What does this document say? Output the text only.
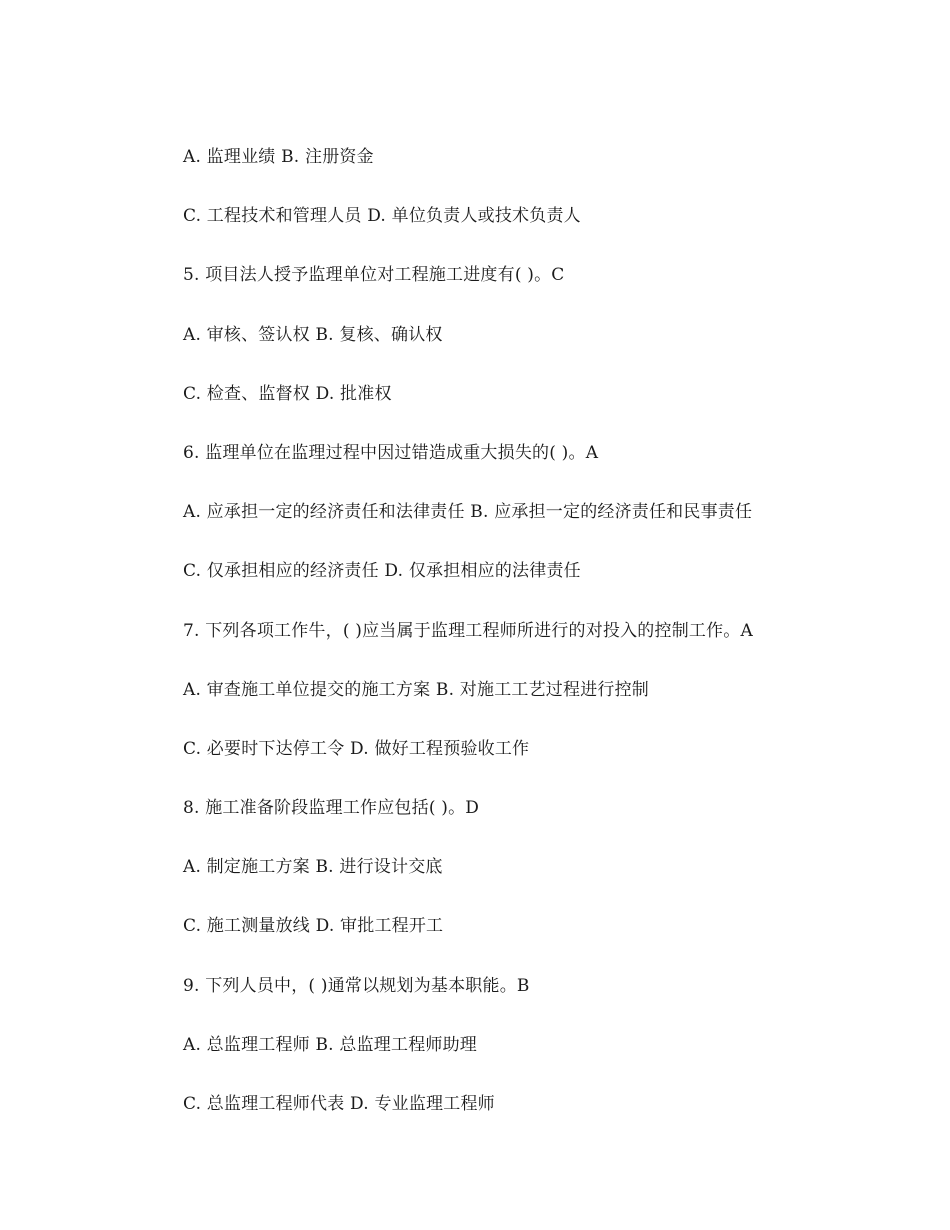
A. 监理业绩 B. 注册资金
C. 工程技术和管理人员 D. 单位负责人或技术负责人
5. 项目法人授予监理单位对工程施工进度有( )。C
A. 审核、签认权 B. 复核、确认权
C. 检查、监督权 D. 批准权
6. 监理单位在监理过程中因过错造成重大损失的( )。A
A. 应承担一定的经济责任和法律责任 B. 应承担一定的经济责任和民事责任
C. 仅承担相应的经济责任 D. 仅承担相应的法律责任
7. 下列各项工作牛，( )应当属于监理工程师所进行的对投入的控制工作。A
A. 审查施工单位提交的施工方案 B. 对施工工艺过程进行控制
C. 必要时下达停工令 D. 做好工程预验收工作
8. 施工准备阶段监理工作应包括( )。D
A. 制定施工方案 B. 进行设计交底
C. 施工测量放线 D. 审批工程开工
9. 下列人员中，( )通常以规划为基本职能。B
A. 总监理工程师 B. 总监理工程师助理
C. 总监理工程师代表 D. 专业监理工程师
